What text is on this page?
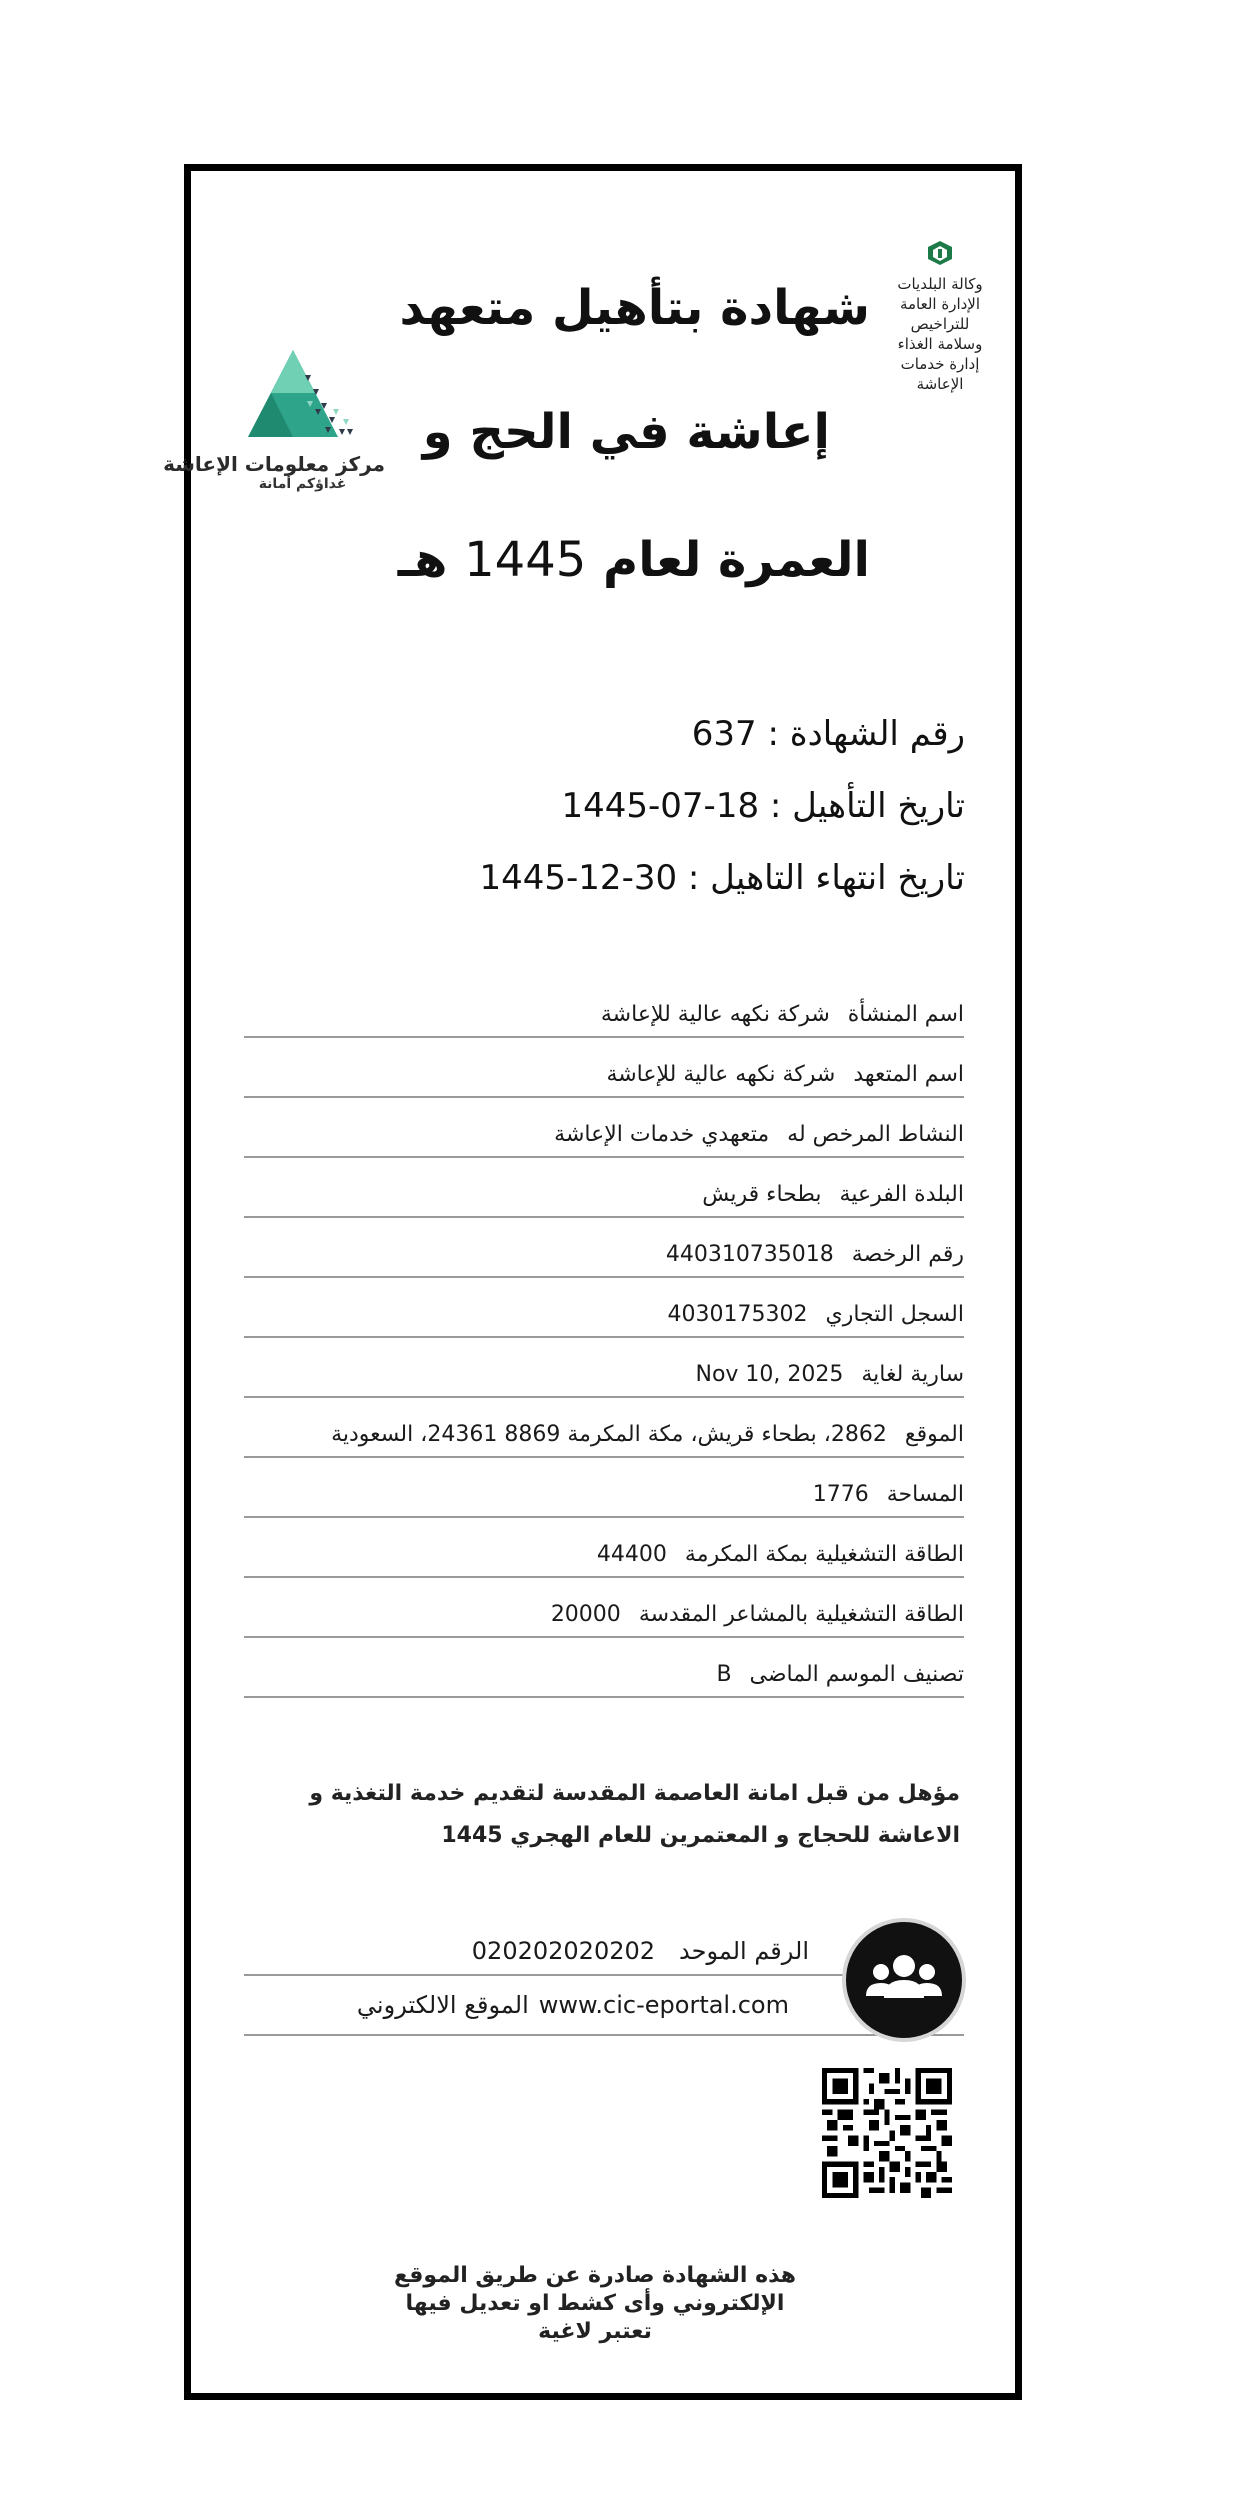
وكالة البلديات
الإدارة العامة
للتراخيص
وسلامة الغذاء
إدارة خدمات
الإعاشة
مركز معلومات الإعاشة
غداؤكم أمانة
شهادة بتأهيل متعهد
إعاشة في الحج و
العمرة لعام 1445 هـ
رقم الشهادة : 637
تاريخ التأهيل : 18-07-1445
تاريخ انتهاء التاهيل : 30-12-1445
اسم المنشأة
شركة نكهه عالية للإعاشة
اسم المتعهد
شركة نكهه عالية للإعاشة
النشاط المرخص له
متعهدي خدمات الإعاشة
البلدة الفرعية
بطحاء قريش
رقم الرخصة
440310735018
السجل التجاري
4030175302
سارية لغاية
Nov 10, 2025
الموقع
2862، بطحاء قريش، مكة المكرمة 8869 24361، السعودية
المساحة
1776
الطاقة التشغيلية بمكة المكرمة
44400
الطاقة التشغيلية بالمشاعر المقدسة
20000
تصنيف الموسم الماضى
B
مؤهل من قبل امانة العاصمة المقدسة لتقديم خدمة التغذية و
الاعاشة للحجاج و المعتمرين للعام الهجري 1445
الرقم الموحد
020202020202
www.cic-eportal.com
الموقع الالكتروني
هذه الشهادة صادرة عن طريق الموقع
الإلكتروني وأى كشط او تعديل فيها
تعتبر لاغية
